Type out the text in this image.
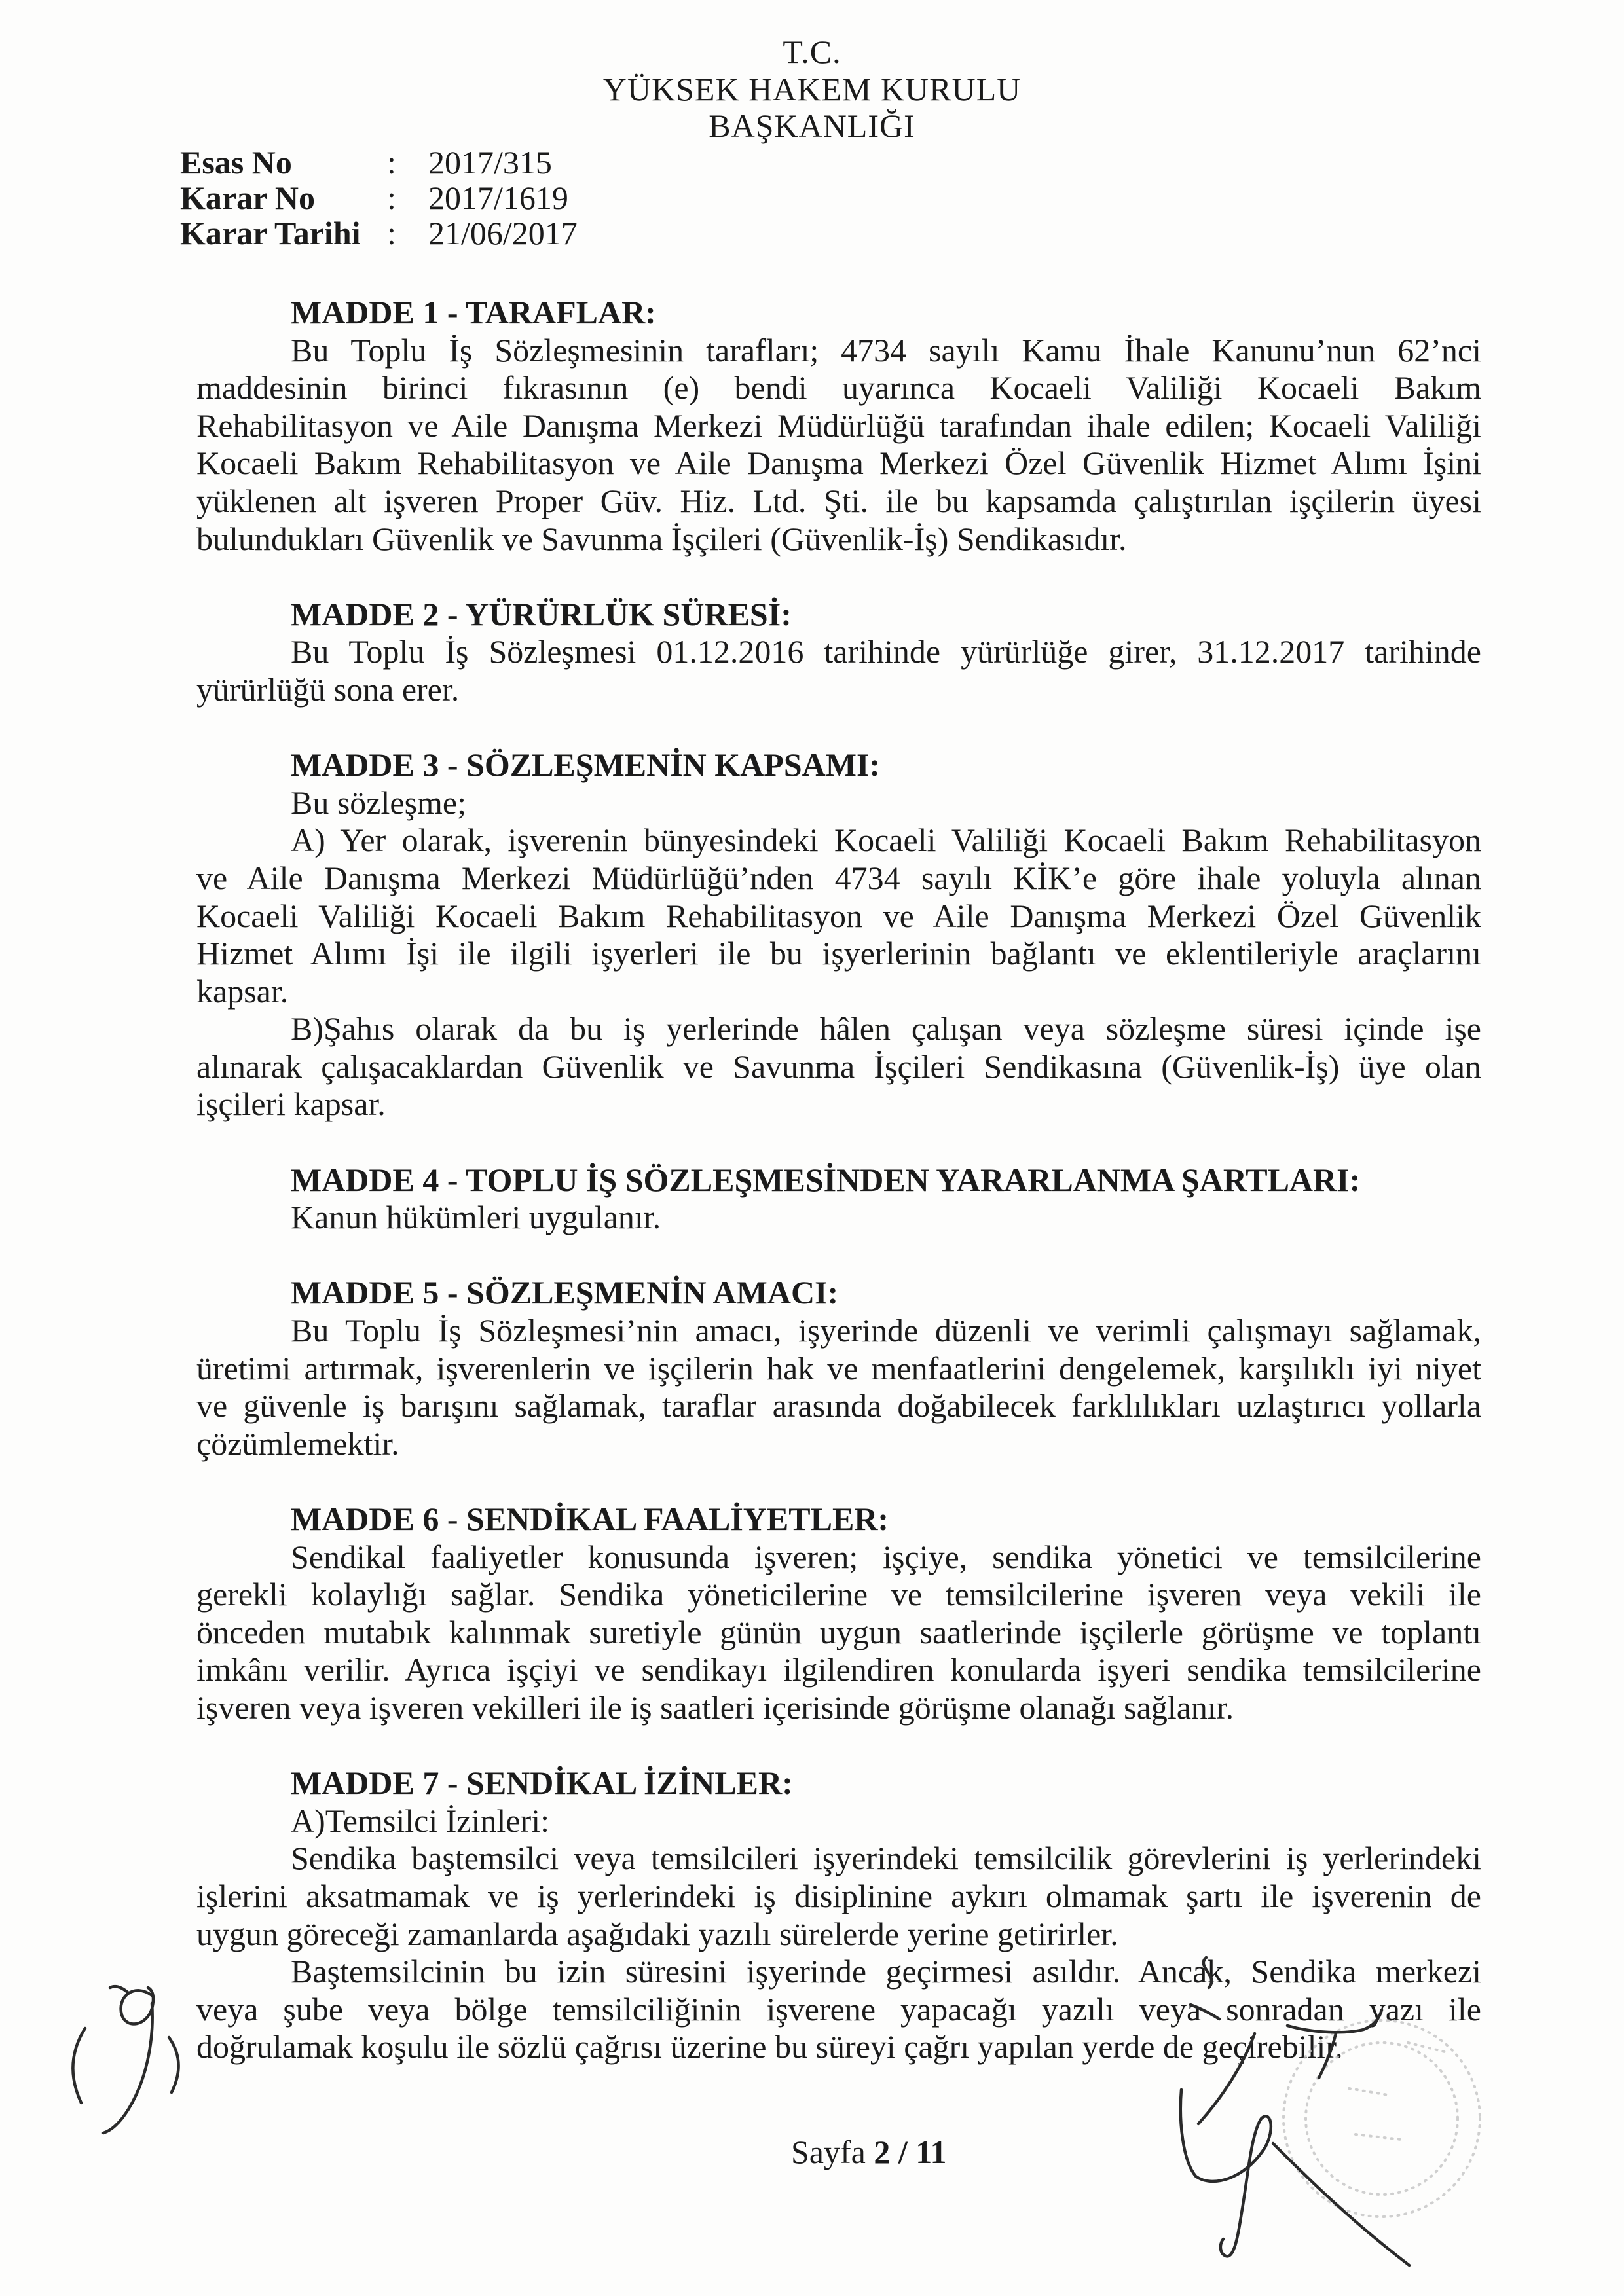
T.C.
YÜKSEK HAKEM KURULU
BAŞKANLIĞI
Esas No	: 2017/315
Karar No	: 2017/1619
Karar Tarihi : 21/06/2017
MADDE 1 - TARAFLAR:
Bu Toplu İş Sözleşmesinin tarafları; 4734 sayılı Kamu İhale Kanunu’nun 62’nci
maddesinin birinci fıkrasının (e) bendi uyarınca Kocaeli Valiliği Kocaeli Bakım
Rehabilitasyon ve Aile Danışma Merkezi Müdürlüğü tarafından ihale edilen; Kocaeli Valiliği
Kocaeli Bakım Rehabilitasyon ve Aile Danışma Merkezi Özel Güvenlik Hizmet Alımı İşini
yüklenen alt işveren Proper Güv. Hiz. Ltd. Şti. ile bu kapsamda çalıştırılan işçilerin üyesi
bulundukları Güvenlik ve Savunma İşçileri (Güvenlik-İş) Sendikasıdır.
MADDE 2 - YÜRÜRLÜK SÜRESİ:
Bu Toplu İş Sözleşmesi 01.12.2016 tarihinde yürürlüğe girer, 31.12.2017 tarihinde
yürürlüğü sona erer.
MADDE 3 - SÖZLEŞMENİN KAPSAMI:
Bu sözleşme;
A) Yer olarak, işverenin bünyesindeki Kocaeli Valiliği Kocaeli Bakım Rehabilitasyon
ve Aile Danışma Merkezi Müdürlüğü’nden 4734 sayılı KİK’e göre ihale yoluyla alınan
Kocaeli Valiliği Kocaeli Bakım Rehabilitasyon ve Aile Danışma Merkezi Özel Güvenlik
Hizmet Alımı İşi ile ilgili işyerleri ile bu işyerlerinin bağlantı ve eklentileriyle araçlarını
kapsar.
B)Şahıs olarak da bu iş yerlerinde hâlen çalışan veya sözleşme süresi içinde işe
alınarak çalışacaklardan Güvenlik ve Savunma İşçileri Sendikasına (Güvenlik-İş) üye olan
işçileri kapsar.
MADDE 4 - TOPLU İŞ SÖZLEŞMESİNDEN YARARLANMA ŞARTLARI:
Kanun hükümleri uygulanır.
MADDE 5 - SÖZLEŞMENİN AMACI:
Bu Toplu İş Sözleşmesi’nin amacı, işyerinde düzenli ve verimli çalışmayı sağlamak,
üretimi artırmak, işverenlerin ve işçilerin hak ve menfaatlerini dengelemek, karşılıklı iyi niyet
ve güvenle iş barışını sağlamak, taraflar arasında doğabilecek farklılıkları uzlaştırıcı yollarla
çözümlemektir.
MADDE 6 - SENDİKAL FAALİYETLER:
Sendikal faaliyetler konusunda işveren; işçiye, sendika yönetici ve temsilcilerine
gerekli kolaylığı sağlar. Sendika yöneticilerine ve temsilcilerine işveren veya vekili ile
önceden mutabık kalınmak suretiyle günün uygun saatlerinde işçilerle görüşme ve toplantı
imkânı verilir. Ayrıca işçiyi ve sendikayı ilgilendiren konularda işyeri sendika temsilcilerine
işveren veya işveren vekilleri ile iş saatleri içerisinde görüşme olanağı sağlanır.
MADDE 7 - SENDİKAL İZİNLER:
A)Temsilci İzinleri:
Sendika baştemsilci veya temsilcileri işyerindeki temsilcilik görevlerini iş yerlerindeki
işlerini aksatmamak ve iş yerlerindeki iş disiplinine aykırı olmamak şartı ile işverenin de
uygun göreceği zamanlarda aşağıdaki yazılı sürelerde yerine getirirler.
Baştemsilcinin bu izin süresini işyerinde geçirmesi asıldır. Ancak, Sendika merkezi
veya şube veya bölge temsilciliğinin işverene yapacağı yazılı veya sonradan yazı ile
doğrulamak koşulu ile sözlü çağrısı üzerine bu süreyi çağrı yapılan yerde de geçirebilir.
Sayfa 2 / 11
